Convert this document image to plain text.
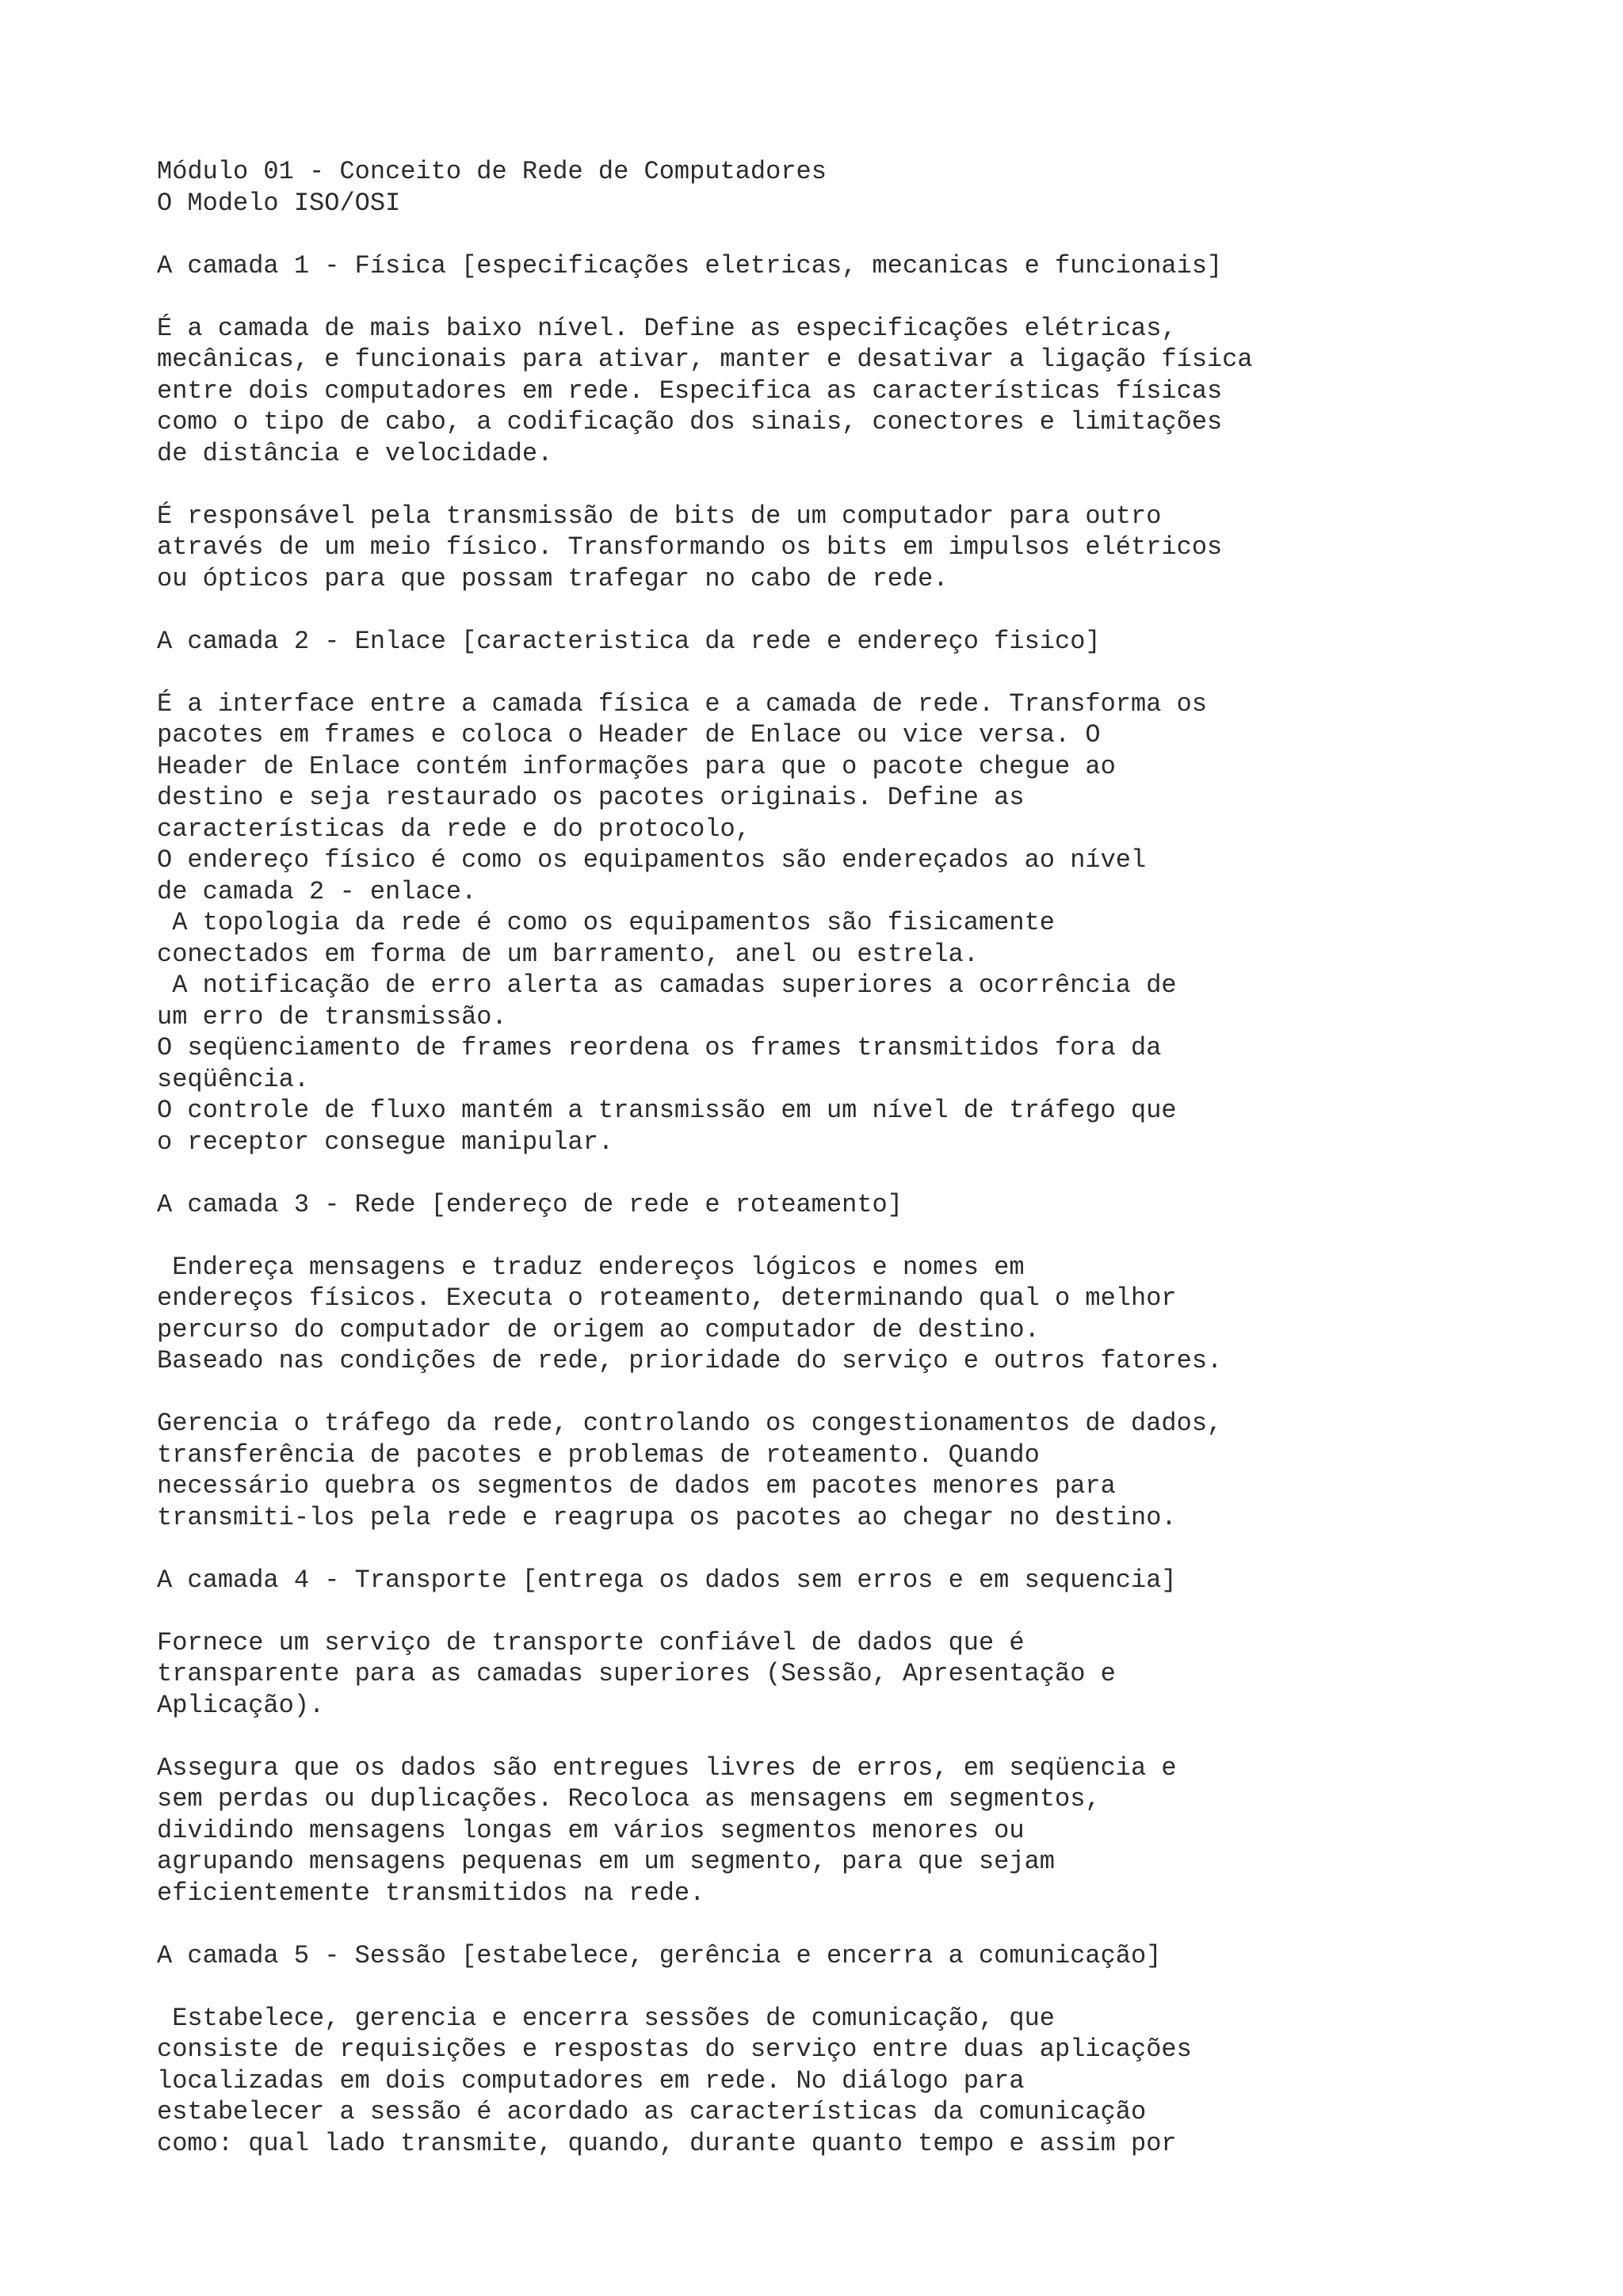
Módulo 01 - Conceito de Rede de Computadores
O Modelo ISO/OSI
A camada 1 - Física [especificações eletricas, mecanicas e funcionais]
É a camada de mais baixo nível. Define as especificações elétricas,
mecânicas, e funcionais para ativar, manter e desativar a ligação física
entre dois computadores em rede. Especifica as características físicas
como o tipo de cabo, a codificação dos sinais, conectores e limitações
de distância e velocidade.
É responsável pela transmissão de bits de um computador para outro
através de um meio físico. Transformando os bits em impulsos elétricos
ou ópticos para que possam trafegar no cabo de rede.
A camada 2 - Enlace [caracteristica da rede e endereço fisico]
É a interface entre a camada física e a camada de rede. Transforma os
pacotes em frames e coloca o Header de Enlace ou vice versa. O
Header de Enlace contém informações para que o pacote chegue ao
destino e seja restaurado os pacotes originais. Define as
características da rede e do protocolo,
O endereço físico é como os equipamentos são endereçados ao nível
de camada 2 - enlace.
A topologia da rede é como os equipamentos são fisicamente
conectados em forma de um barramento, anel ou estrela.
A notificação de erro alerta as camadas superiores a ocorrência de
um erro de transmissão.
O seqüenciamento de frames reordena os frames transmitidos fora da
seqüência.
O controle de fluxo mantém a transmissão em um nível de tráfego que
o receptor consegue manipular.
A camada 3 - Rede [endereço de rede e roteamento]
Endereça mensagens e traduz endereços lógicos e nomes em
endereços físicos. Executa o roteamento, determinando qual o melhor
percurso do computador de origem ao computador de destino.
Baseado nas condições de rede, prioridade do serviço e outros fatores.
Gerencia o tráfego da rede, controlando os congestionamentos de dados,
transferência de pacotes e problemas de roteamento. Quando
necessário quebra os segmentos de dados em pacotes menores para
transmiti-los pela rede e reagrupa os pacotes ao chegar no destino.
A camada 4 - Transporte [entrega os dados sem erros e em sequencia]
Fornece um serviço de transporte confiável de dados que é
transparente para as camadas superiores (Sessão, Apresentação e
Aplicação).
Assegura que os dados são entregues livres de erros, em seqüencia e
sem perdas ou duplicações. Recoloca as mensagens em segmentos,
dividindo mensagens longas em vários segmentos menores ou
agrupando mensagens pequenas em um segmento, para que sejam
eficientemente transmitidos na rede.
A camada 5 - Sessão [estabelece, gerência e encerra a comunicação]
Estabelece, gerencia e encerra sessões de comunicação, que
consiste de requisições e respostas do serviço entre duas aplicações
localizadas em dois computadores em rede. No diálogo para
estabelecer a sessão é acordado as características da comunicação
como: qual lado transmite, quando, durante quanto tempo e assim por
